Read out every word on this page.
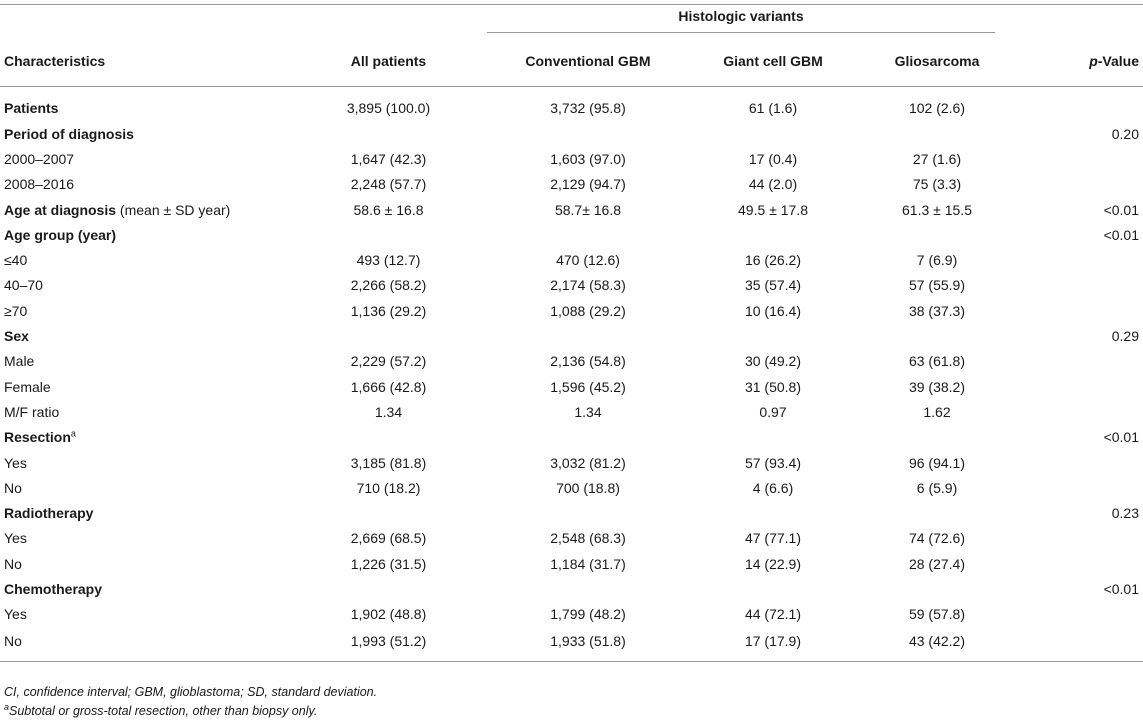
		Histologic variants			

Characteristics	All patients	Conventional GBM	Giant cell GBM	Gliosarcoma	p-Value
Patients	3,895 (100.0)	3,732 (95.8)	61 (1.6)	102 (2.6)	
Period of diagnosis					0.20
2000–2007	1,647 (42.3)	1,603 (97.0)	17 (0.4)	27 (1.6)	
2008–2016	2,248 (57.7)	2,129 (94.7)	44 (2.0)	75 (3.3)	
Age at diagnosis (mean ± SD year)	58.6 ± 16.8	58.7± 16.8	49.5 ± 17.8	61.3 ± 15.5	<0.01
Age group (year)					<0.01
≤40	493 (12.7)	470 (12.6)	16 (26.2)	7 (6.9)	
40–70	2,266 (58.2)	2,174 (58.3)	35 (57.4)	57 (55.9)	
≥70	1,136 (29.2)	1,088 (29.2)	10 (16.4)	38 (37.3)	
Sex					0.29
Male	2,229 (57.2)	2,136 (54.8)	30 (49.2)	63 (61.8)	
Female	1,666 (42.8)	1,596 (45.2)	31 (50.8)	39 (38.2)	
M/F ratio	1.34	1.34	0.97	1.62	
Resection$^a$					<0.01
Yes	3,185 (81.8)	3,032 (81.2)	57 (93.4)	96 (94.1)	
No	710 (18.2)	700 (18.8)	4 (6.6)	6 (5.9)	
Radiotherapy					0.23
Yes	2,669 (68.5)	2,548 (68.3)	47 (77.1)	74 (72.6)	
No	1,226 (31.5)	1,184 (31.7)	14 (22.9)	28 (27.4)	
Chemotherapy					<0.01
Yes	1,902 (48.8)	1,799 (48.2)	44 (72.1)	59 (57.8)	
No	1,993 (51.2)	1,933 (51.8)	17 (17.9)	43 (42.2)	
CI, confidence interval; GBM, glioblastoma; SD, standard deviation.
$^a$Subtotal or gross-total resection, other than biopsy only.
